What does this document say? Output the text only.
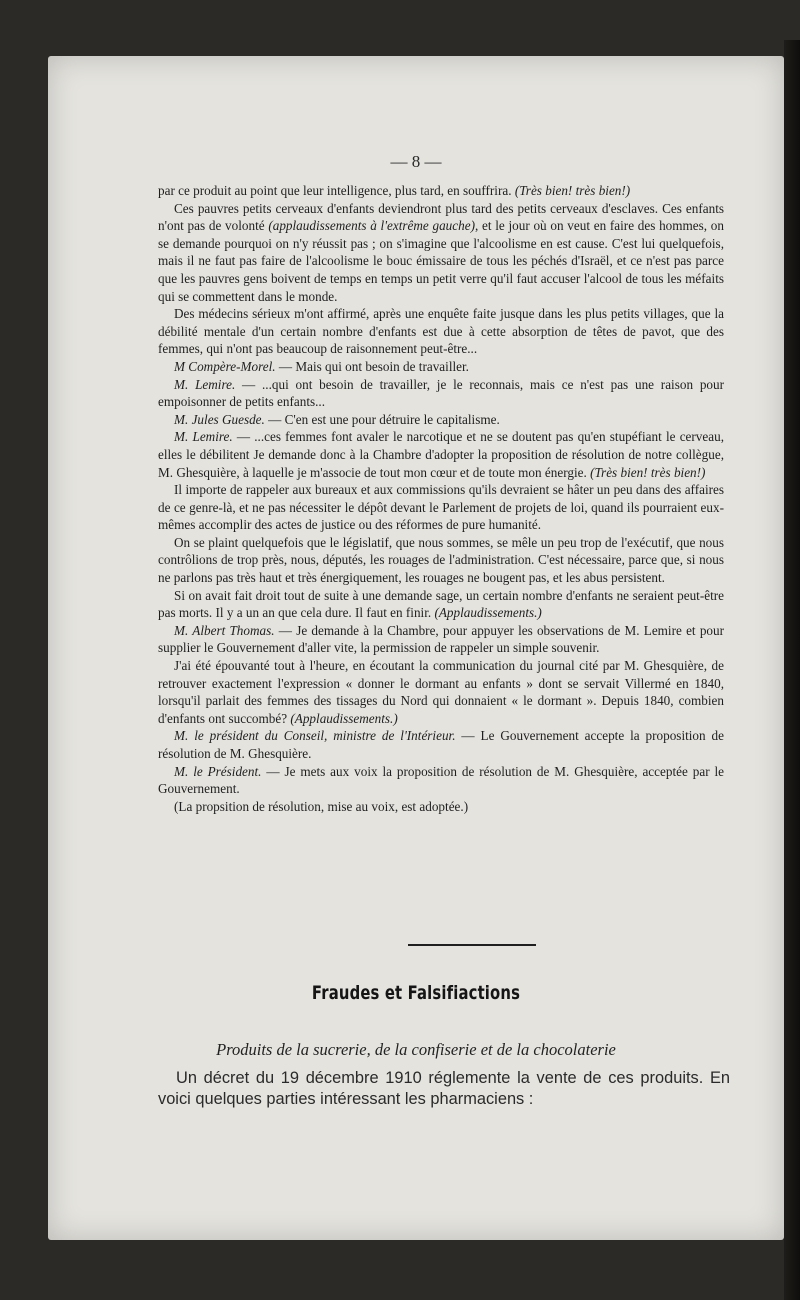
— 8 —

par ce produit au point que leur intelligence, plus tard, en souffrira. (Très bien! très bien!)

Ces pauvres petits cerveaux d'enfants deviendront plus tard des petits cerveaux d'esclaves. Ces enfants n'ont pas de volonté (applaudissements à l'extrême gauche), et le jour où on veut en faire des hommes, on se demande pourquoi on n'y réussit pas ; on s'imagine que l'alcoolisme en est cause. C'est lui quelquefois, mais il ne faut pas faire de l'alcoolisme le bouc émissaire de tous les péchés d'Israël, et ce n'est pas parce que les pauvres gens boivent de temps en temps un petit verre qu'il faut accuser l'alcool de tous les méfaits qui se commettent dans le monde.

Des médecins sérieux m'ont affirmé, après une enquête faite jusque dans les plus petits villages, que la débilité mentale d'un certain nombre d'enfants est due à cette absorption de têtes de pavot, que des femmes, qui n'ont pas beaucoup de raisonnement peut-être...

M Compère-Morel. — Mais qui ont besoin de travailler.

M. Lemire. — ...qui ont besoin de travailler, je le reconnais, mais ce n'est pas une raison pour empoisonner de petits enfants...

M. Jules Guesde. — C'en est une pour détruire le capitalisme.

M. Lemire. — ...ces femmes font avaler le narcotique et ne se doutent pas qu'en stupéfiant le cerveau, elles le débilitent Je demande donc à la Chambre d'adopter la proposition de résolution de notre collègue, M. Ghesquière, à laquelle je m'associe de tout mon cœur et de toute mon énergie. (Très bien! très bien!)

Il importe de rappeler aux bureaux et aux commissions qu'ils devraient se hâter un peu dans des affaires de ce genre-là, et ne pas nécessiter le dépôt devant le Parlement de projets de loi, quand ils pourraient eux-mêmes accomplir des actes de justice ou des réformes de pure humanité.

On se plaint quelquefois que le législatif, que nous sommes, se mêle un peu trop de l'exécutif, que nous contrôlions de trop près, nous, députés, les rouages de l'administration. C'est nécessaire, parce que, si nous ne parlons pas très haut et très énergiquement, les rouages ne bougent pas, et les abus persistent.

Si on avait fait droit tout de suite à une demande sage, un certain nombre d'enfants ne seraient peut-être pas morts. Il y a un an que cela dure. Il faut en finir. (Applaudissements.)

M. Albert Thomas. — Je demande à la Chambre, pour appuyer les observations de M. Lemire et pour supplier le Gouvernement d'aller vite, la permission de rappeler un simple souvenir.

J'ai été épouvanté tout à l'heure, en écoutant la communication du journal cité par M. Ghesquière, de retrouver exactement l'expression « donner le dormant au enfants » dont se servait Villermé en 1840, lorsqu'il parlait des femmes des tissages du Nord qui donnaient « le dormant ». Depuis 1840, combien d'enfants ont succombé? (Applaudissements.)

M. le président du Conseil, ministre de l'Intérieur. — Le Gouvernement accepte la proposition de résolution de M. Ghesquière.

M. le Président. — Je mets aux voix la proposition de résolution de M. Ghesquière, acceptée par le Gouvernement.

(La propsition de résolution, mise au voix, est adoptée.)

Fraudes et Falsifiactions

Produits de la sucrerie, de la confiserie et de la chocolaterie

Un décret du 19 décembre 1910 réglemente la vente de ces produits. En voici quelques parties intéressant les pharmaciens :
